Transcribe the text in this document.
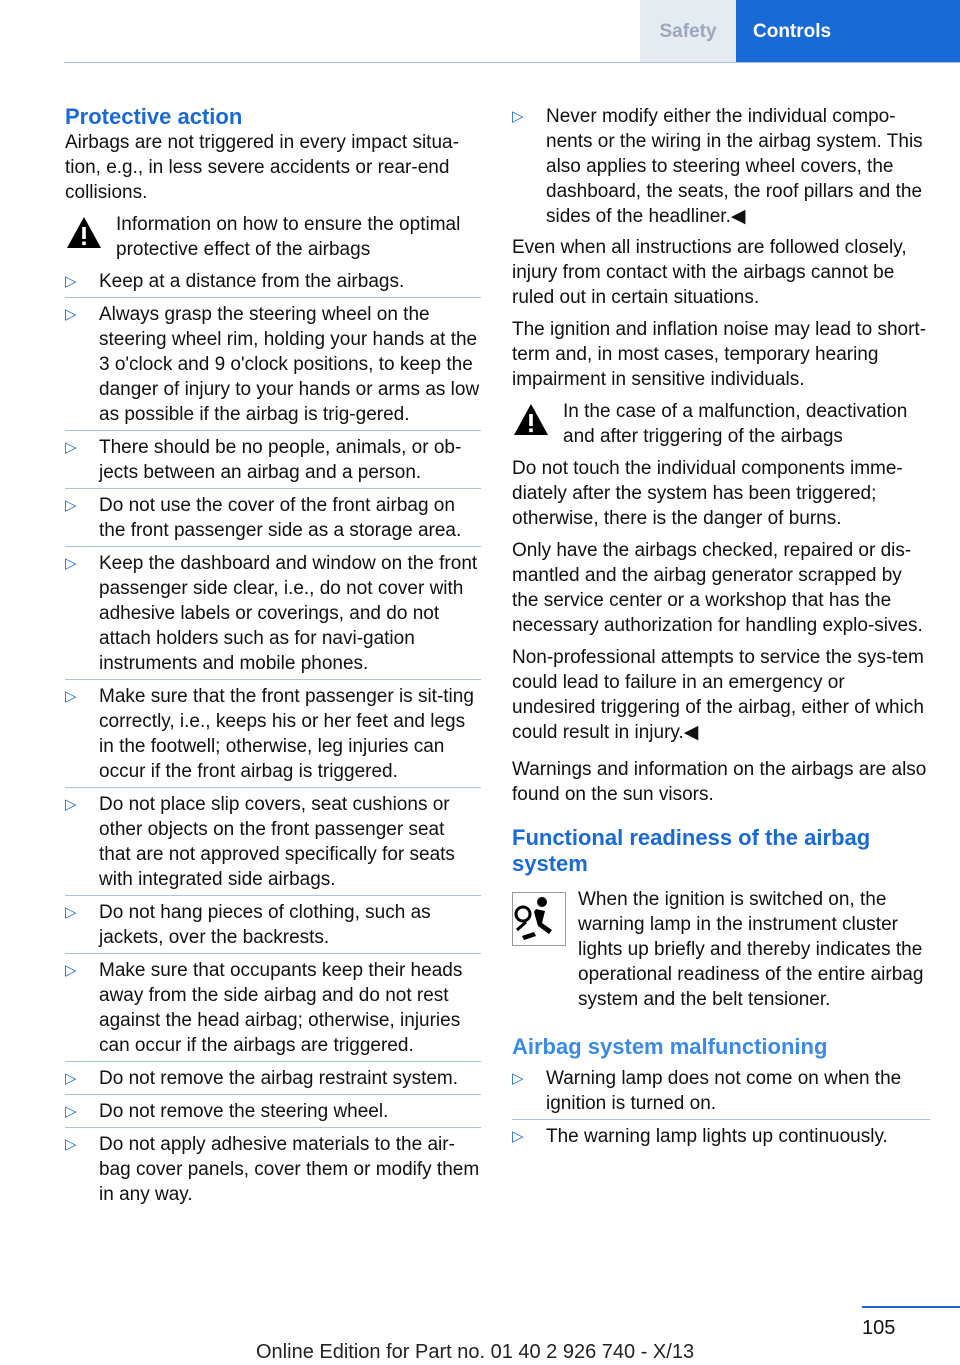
Safety	Controls
Protective action

Airbags are not triggered in every impact situa-tion, e.g., in less severe accidents or rear-end collisions.

Information on how to ensure the optimal protective effect of the airbags
▷ Keep at a distance from the airbags.
▷ Always grasp the steering wheel on the steering wheel rim, holding your hands at the 3 o'clock and 9 o'clock positions, to keep the danger of injury to your hands or arms as low as possible if the airbag is trig-gered.
▷ There should be no people, animals, or ob-jects between an airbag and a person.
▷ Do not use the cover of the front airbag on the front passenger side as a storage area.
▷ Keep the dashboard and window on the front passenger side clear, i.e., do not cover with adhesive labels or coverings, and do not attach holders such as for navi-gation instruments and mobile phones.
▷ Make sure that the front passenger is sit-ting correctly, i.e., keeps his or her feet and legs in the footwell; otherwise, leg injuries can occur if the front airbag is triggered.
▷ Do not place slip covers, seat cushions or other objects on the front passenger seat that are not approved specifically for seats with integrated side airbags.
▷ Do not hang pieces of clothing, such as jackets, over the backrests.
▷ Make sure that occupants keep their heads away from the side airbag and do not rest against the head airbag; otherwise, injuries can occur if the airbags are triggered.
▷ Do not remove the airbag restraint system.
▷ Do not remove the steering wheel.
▷ Do not apply adhesive materials to the air-bag cover panels, cover them or modify them in any way.
▷ Never modify either the individual compo-nents or the wiring in the airbag system. This also applies to steering wheel covers, the dashboard, the seats, the roof pillars and the sides of the headliner.◀

Even when all instructions are followed closely, injury from contact with the airbags cannot be ruled out in certain situations.

The ignition and inflation noise may lead to short-term and, in most cases, temporary hearing impairment in sensitive individuals.

In the case of a malfunction, deactivation and after triggering of the airbags

Do not touch the individual components imme-diately after the system has been triggered; otherwise, there is the danger of burns.

Only have the airbags checked, repaired or dis-mantled and the airbag generator scrapped by the service center or a workshop that has the necessary authorization for handling explo-sives.

Non-professional attempts to service the sys-tem could lead to failure in an emergency or undesired triggering of the airbag, either of which could result in injury.◀

Warnings and information on the airbags are also found on the sun visors.

Functional readiness of the airbag system
When the ignition is switched on, the warning lamp in the instrument cluster lights up briefly and thereby indicates the operational readiness of the entire airbag system and the belt tensioner.
Airbag system malfunctioning
▷ Warning lamp does not come on when the ignition is turned on.
▷ The warning lamp lights up continuously.
105
Online Edition for Part no. 01 40 2 926 740 - X/13
